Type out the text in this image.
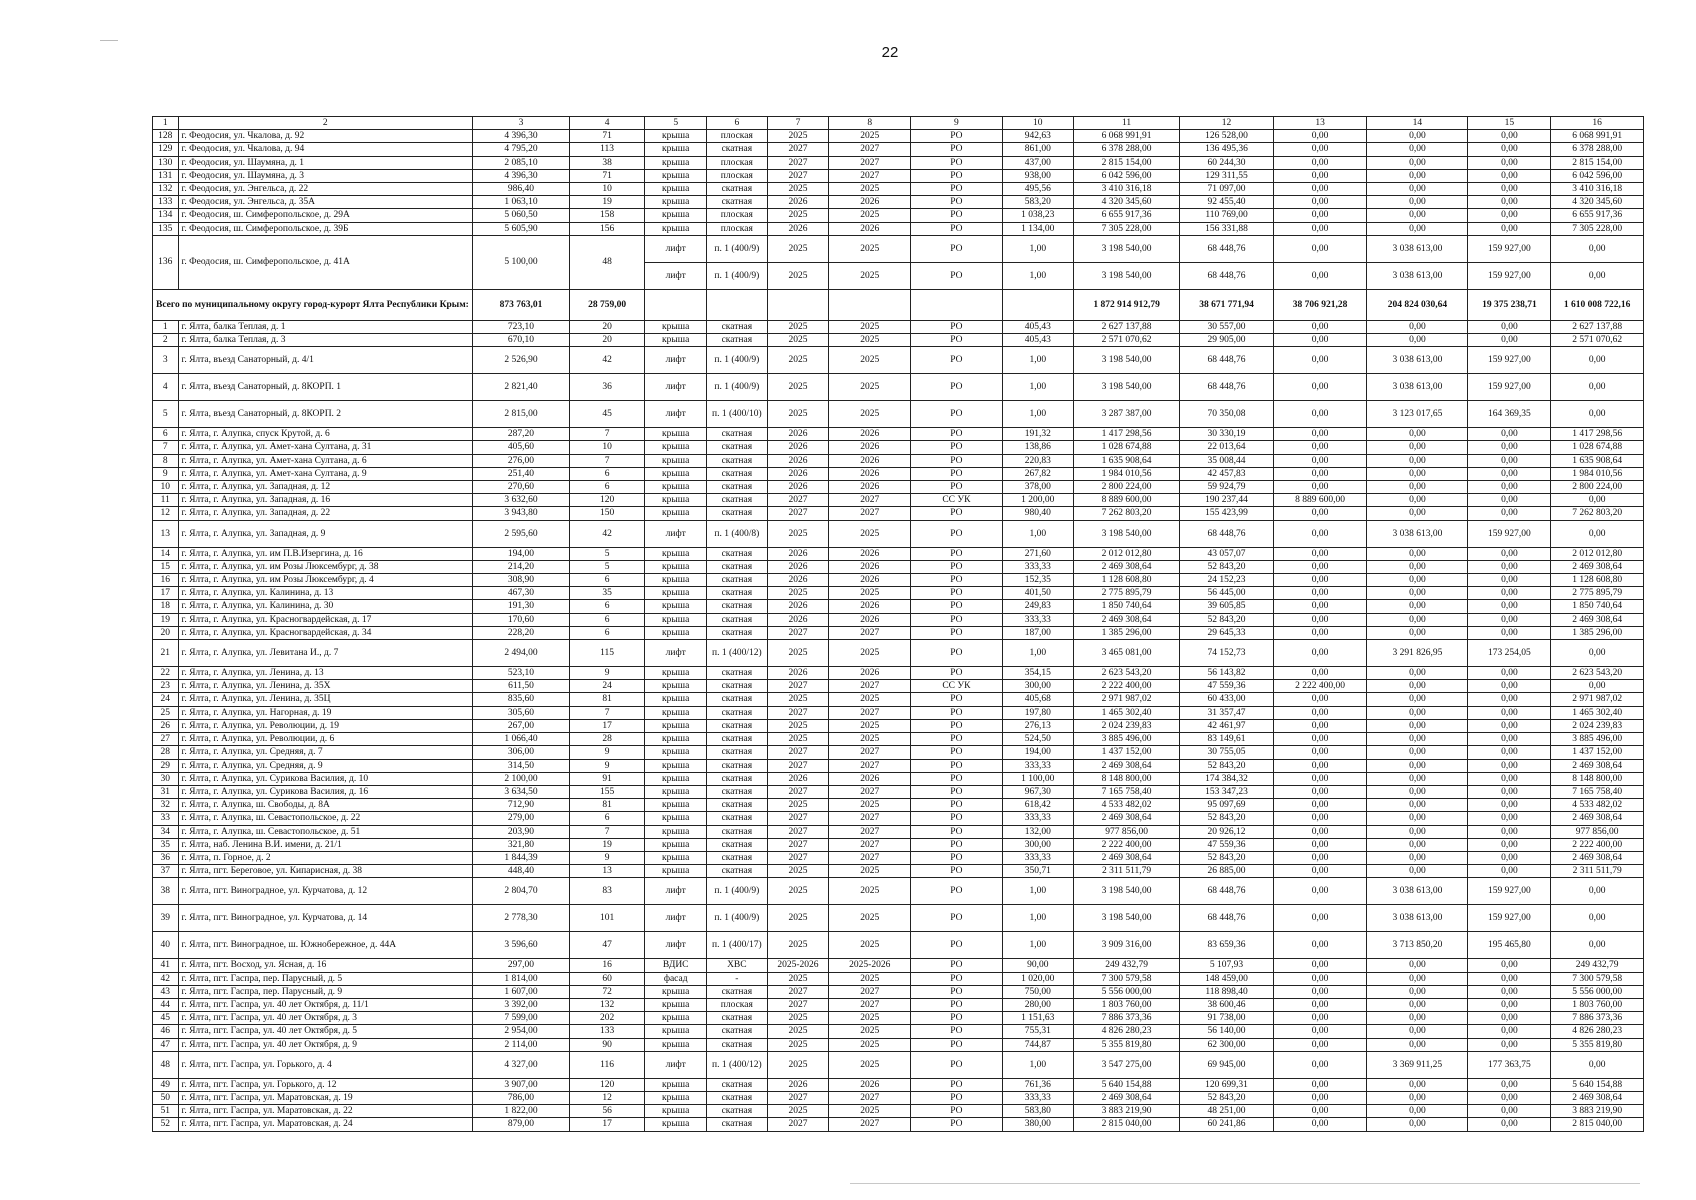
22
1	2	3	4	5	6	7	8	9	10	11	12	13	14	15	16
128	г. Феодосия, ул. Чкалова, д. 92	4 396,30	71	крыша	плоская	2025	2025	РО	942,63	6 068 991,91	126 528,00	0,00	0,00	0,00	6 068 991,91
129	г. Феодосия, ул. Чкалова, д. 94	4 795,20	113	крыша	скатная	2027	2027	РО	861,00	6 378 288,00	136 495,36	0,00	0,00	0,00	6 378 288,00
130	г. Феодосия, ул. Шаумяна, д. 1	2 085,10	38	крыша	плоская	2027	2027	РО	437,00	2 815 154,00	60 244,30	0,00	0,00	0,00	2 815 154,00
131	г. Феодосия, ул. Шаумяна, д. 3	4 396,30	71	крыша	плоская	2027	2027	РО	938,00	6 042 596,00	129 311,55	0,00	0,00	0,00	6 042 596,00
132	г. Феодосия, ул. Энгельса, д. 22	986,40	10	крыша	скатная	2025	2025	РО	495,56	3 410 316,18	71 097,00	0,00	0,00	0,00	3 410 316,18
133	г. Феодосия, ул. Энгельса, д. 35А	1 063,10	19	крыша	скатная	2026	2026	РО	583,20	4 320 345,60	92 455,40	0,00	0,00	0,00	4 320 345,60
134	г. Феодосия, ш. Симферопольское, д. 29А	5 060,50	158	крыша	плоская	2025	2025	РО	1 038,23	6 655 917,36	110 769,00	0,00	0,00	0,00	6 655 917,36
135	г. Феодосия, ш. Симферопольское, д. 39Б	5 605,90	156	крыша	плоская	2026	2026	РО	1 134,00	7 305 228,00	156 331,88	0,00	0,00	0,00	7 305 228,00
136	г. Феодосия, ш. Симферопольское, д. 41А	5 100,00	48	лифт	п. 1 (400/9)	2025	2025	РО	1,00	3 198 540,00	68 448,76	0,00	3 038 613,00	159 927,00	0,00
				лифт	п. 1 (400/9)	2025	2025	РО	1,00	3 198 540,00	68 448,76	0,00	3 038 613,00	159 927,00	0,00
Всего по муниципальному округу город-курорт Ялта Республики Крым:		873 763,01	28 759,00							1 872 914 912,79	38 671 771,94	38 706 921,28	204 824 030,64	19 375 238,71	1 610 008 722,16
1	г. Ялта, балка Теплая, д. 1	723,10	20	крыша	скатная	2025	2025	РО	405,43	2 627 137,88	30 557,00	0,00	0,00	0,00	2 627 137,88
2	г. Ялта, балка Теплая, д. 3	670,10	20	крыша	скатная	2025	2025	РО	405,43	2 571 070,62	29 905,00	0,00	0,00	0,00	2 571 070,62
3	г. Ялта, въезд Санаторный, д. 4/1	2 526,90	42	лифт	п. 1 (400/9)	2025	2025	РО	1,00	3 198 540,00	68 448,76	0,00	3 038 613,00	159 927,00	0,00
4	г. Ялта, въезд Санаторный, д. 8КОРП. 1	2 821,40	36	лифт	п. 1 (400/9)	2025	2025	РО	1,00	3 198 540,00	68 448,76	0,00	3 038 613,00	159 927,00	0,00
5	г. Ялта, въезд Санаторный, д. 8КОРП. 2	2 815,00	45	лифт	п. 1 (400/10)	2025	2025	РО	1,00	3 287 387,00	70 350,08	0,00	3 123 017,65	164 369,35	0,00
6	г. Ялта, г. Алупка, спуск Крутой, д. 6	287,20	7	крыша	скатная	2026	2026	РО	191,32	1 417 298,56	30 330,19	0,00	0,00	0,00	1 417 298,56
7	г. Ялта, г. Алупка, ул. Амет-хана Султана, д. 31	405,60	10	крыша	скатная	2026	2026	РО	138,86	1 028 674,88	22 013,64	0,00	0,00	0,00	1 028 674,88
8	г. Ялта, г. Алупка, ул. Амет-хана Султана, д. 6	276,00	7	крыша	скатная	2026	2026	РО	220,83	1 635 908,64	35 008,44	0,00	0,00	0,00	1 635 908,64
9	г. Ялта, г. Алупка, ул. Амет-хана Султана, д. 9	251,40	6	крыша	скатная	2026	2026	РО	267,82	1 984 010,56	42 457,83	0,00	0,00	0,00	1 984 010,56
10	г. Ялта, г. Алупка, ул. Западная, д. 12	270,60	6	крыша	скатная	2026	2026	РО	378,00	2 800 224,00	59 924,79	0,00	0,00	0,00	2 800 224,00
11	г. Ялта, г. Алупка, ул. Западная, д. 16	3 632,60	120	крыша	скатная	2027	2027	СС УК	1 200,00	8 889 600,00	190 237,44	8 889 600,00	0,00	0,00	0,00
12	г. Ялта, г. Алупка, ул. Западная, д. 22	3 943,80	150	крыша	скатная	2027	2027	РО	980,40	7 262 803,20	155 423,99	0,00	0,00	0,00	7 262 803,20
13	г. Ялта, г. Алупка, ул. Западная, д. 9	2 595,60	42	лифт	п. 1 (400/8)	2025	2025	РО	1,00	3 198 540,00	68 448,76	0,00	3 038 613,00	159 927,00	0,00
14	г. Ялта, г. Алупка, ул. им П.В.Изергина, д. 16	194,00	5	крыша	скатная	2026	2026	РО	271,60	2 012 012,80	43 057,07	0,00	0,00	0,00	2 012 012,80
15	г. Ялта, г. Алупка, ул. им Розы Люксембург, д. 38	214,20	5	крыша	скатная	2026	2026	РО	333,33	2 469 308,64	52 843,20	0,00	0,00	0,00	2 469 308,64
16	г. Ялта, г. Алупка, ул. им Розы Люксембург, д. 4	308,90	6	крыша	скатная	2026	2026	РО	152,35	1 128 608,80	24 152,23	0,00	0,00	0,00	1 128 608,80
17	г. Ялта, г. Алупка, ул. Калинина, д. 13	467,30	35	крыша	скатная	2025	2025	РО	401,50	2 775 895,79	56 445,00	0,00	0,00	0,00	2 775 895,79
18	г. Ялта, г. Алупка, ул. Калинина, д. 30	191,30	6	крыша	скатная	2026	2026	РО	249,83	1 850 740,64	39 605,85	0,00	0,00	0,00	1 850 740,64
19	г. Ялта, г. Алупка, ул. Красногвардейская, д. 17	170,60	6	крыша	скатная	2026	2026	РО	333,33	2 469 308,64	52 843,20	0,00	0,00	0,00	2 469 308,64
20	г. Ялта, г. Алупка, ул. Красногвардейская, д. 34	228,20	6	крыша	скатная	2027	2027	РО	187,00	1 385 296,00	29 645,33	0,00	0,00	0,00	1 385 296,00
21	г. Ялта, г. Алупка, ул. Левитана И., д. 7	2 494,00	115	лифт	п. 1 (400/12)	2025	2025	РО	1,00	3 465 081,00	74 152,73	0,00	3 291 826,95	173 254,05	0,00
22	г. Ялта, г. Алупка, ул. Ленина, д. 13	523,10	9	крыша	скатная	2026	2026	РО	354,15	2 623 543,20	56 143,82	0,00	0,00	0,00	2 623 543,20
23	г. Ялта, г. Алупка, ул. Ленина, д. 35Х	611,50	24	крыша	скатная	2027	2027	СС УК	300,00	2 222 400,00	47 559,36	2 222 400,00	0,00	0,00	0,00
24	г. Ялта, г. Алупка, ул. Ленина, д. 35Ц	835,60	81	крыша	скатная	2025	2025	РО	405,68	2 971 987,02	60 433,00	0,00	0,00	0,00	2 971 987,02
25	г. Ялта, г. Алупка, ул. Нагорная, д. 19	305,60	7	крыша	скатная	2027	2027	РО	197,80	1 465 302,40	31 357,47	0,00	0,00	0,00	1 465 302,40
26	г. Ялта, г. Алупка, ул. Революции, д. 19	267,00	17	крыша	скатная	2025	2025	РО	276,13	2 024 239,83	42 461,97	0,00	0,00	0,00	2 024 239,83
27	г. Ялта, г. Алупка, ул. Революции, д. 6	1 066,40	28	крыша	скатная	2025	2025	РО	524,50	3 885 496,00	83 149,61	0,00	0,00	0,00	3 885 496,00
28	г. Ялта, г. Алупка, ул. Средняя, д. 7	306,00	9	крыша	скатная	2027	2027	РО	194,00	1 437 152,00	30 755,05	0,00	0,00	0,00	1 437 152,00
29	г. Ялта, г. Алупка, ул. Средняя, д. 9	314,50	9	крыша	скатная	2027	2027	РО	333,33	2 469 308,64	52 843,20	0,00	0,00	0,00	2 469 308,64
30	г. Ялта, г. Алупка, ул. Сурикова Василия, д. 10	2 100,00	91	крыша	скатная	2026	2026	РО	1 100,00	8 148 800,00	174 384,32	0,00	0,00	0,00	8 148 800,00
31	г. Ялта, г. Алупка, ул. Сурикова Василия, д. 16	3 634,50	155	крыша	скатная	2027	2027	РО	967,30	7 165 758,40	153 347,23	0,00	0,00	0,00	7 165 758,40
32	г. Ялта, г. Алупка, ш. Свободы, д. 8А	712,90	81	крыша	скатная	2025	2025	РО	618,42	4 533 482,02	95 097,69	0,00	0,00	0,00	4 533 482,02
33	г. Ялта, г. Алупка, ш. Севастопольское, д. 22	279,00	6	крыша	скатная	2027	2027	РО	333,33	2 469 308,64	52 843,20	0,00	0,00	0,00	2 469 308,64
34	г. Ялта, г. Алупка, ш. Севастопольское, д. 51	203,90	7	крыша	скатная	2027	2027	РО	132,00	977 856,00	20 926,12	0,00	0,00	0,00	977 856,00
35	г. Ялта, наб. Ленина В.И. имени, д. 21/1	321,80	19	крыша	скатная	2027	2027	РО	300,00	2 222 400,00	47 559,36	0,00	0,00	0,00	2 222 400,00
36	г. Ялта, п. Горное, д. 2	1 844,39	9	крыша	скатная	2027	2027	РО	333,33	2 469 308,64	52 843,20	0,00	0,00	0,00	2 469 308,64
37	г. Ялта, пгт. Береговое, ул. Кипарисная, д. 38	448,40	13	крыша	скатная	2025	2025	РО	350,71	2 311 511,79	26 885,00	0,00	0,00	0,00	2 311 511,79
38	г. Ялта, пгт. Виноградное, ул. Курчатова, д. 12	2 804,70	83	лифт	п. 1 (400/9)	2025	2025	РО	1,00	3 198 540,00	68 448,76	0,00	3 038 613,00	159 927,00	0,00
39	г. Ялта, пгт. Виноградное, ул. Курчатова, д. 14	2 778,30	101	лифт	п. 1 (400/9)	2025	2025	РО	1,00	3 198 540,00	68 448,76	0,00	3 038 613,00	159 927,00	0,00
40	г. Ялта, пгт. Виноградное, ш. Южнобережное, д. 44А	3 596,60	47	лифт	п. 1 (400/17)	2025	2025	РО	1,00	3 909 316,00	83 659,36	0,00	3 713 850,20	195 465,80	0,00
41	г. Ялта, пгт. Восход, ул. Ясная, д. 16	297,00	16	ВДИС	ХВС	2025-2026	2025-2026	РО	90,00	249 432,79	5 107,93	0,00	0,00	0,00	249 432,79
42	г. Ялта, пгт. Гаспра, пер. Парусный, д. 5	1 814,00	60	фасад	-	2025	2025	РО	1 020,00	7 300 579,58	148 459,00	0,00	0,00	0,00	7 300 579,58
43	г. Ялта, пгт. Гаспра, пер. Парусный, д. 9	1 607,00	72	крыша	скатная	2027	2027	РО	750,00	5 556 000,00	118 898,40	0,00	0,00	0,00	5 556 000,00
44	г. Ялта, пгт. Гаспра, ул. 40 лет Октября, д. 11/1	3 392,00	132	крыша	плоская	2027	2027	РО	280,00	1 803 760,00	38 600,46	0,00	0,00	0,00	1 803 760,00
45	г. Ялта, пгт. Гаспра, ул. 40 лет Октября, д. 3	7 599,00	202	крыша	скатная	2025	2025	РО	1 151,63	7 886 373,36	91 738,00	0,00	0,00	0,00	7 886 373,36
46	г. Ялта, пгт. Гаспра, ул. 40 лет Октября, д. 5	2 954,00	133	крыша	скатная	2025	2025	РО	755,31	4 826 280,23	56 140,00	0,00	0,00	0,00	4 826 280,23
47	г. Ялта, пгт. Гаспра, ул. 40 лет Октября, д. 9	2 114,00	90	крыша	скатная	2025	2025	РО	744,87	5 355 819,80	62 300,00	0,00	0,00	0,00	5 355 819,80
48	г. Ялта, пгт. Гаспра, ул. Горького, д. 4	4 327,00	116	лифт	п. 1 (400/12)	2025	2025	РО	1,00	3 547 275,00	69 945,00	0,00	3 369 911,25	177 363,75	0,00
49	г. Ялта, пгт. Гаспра, ул. Горького, д. 12	3 907,00	120	крыша	скатная	2026	2026	РО	761,36	5 640 154,88	120 699,31	0,00	0,00	0,00	5 640 154,88
50	г. Ялта, пгт. Гаспра, ул. Маратовская, д. 19	786,00	12	крыша	скатная	2027	2027	РО	333,33	2 469 308,64	52 843,20	0,00	0,00	0,00	2 469 308,64
51	г. Ялта, пгт. Гаспра, ул. Маратовская, д. 22	1 822,00	56	крыша	скатная	2025	2025	РО	583,80	3 883 219,90	48 251,00	0,00	0,00	0,00	3 883 219,90
52	г. Ялта, пгт. Гаспра, ул. Маратовская, д. 24	879,00	17	крыша	скатная	2027	2027	РО	380,00	2 815 040,00	60 241,86	0,00	0,00	0,00	2 815 040,00
